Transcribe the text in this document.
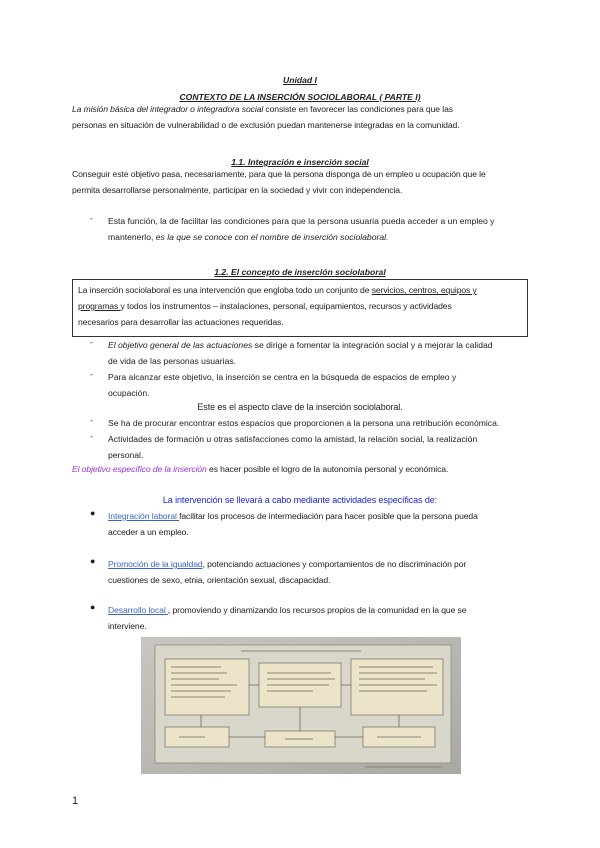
Unidad I
CONTEXTO DE LA INSERCIÓN SOCIOLABORAL ( PARTE I)
La misión básica del integrador o integradora social consiste en favorecer las condiciones para que las
personas en situación de vulnerabilidad o de exclusión puedan mantenerse integradas en la comunidad.
1.1. Integración e inserción social
Conseguir este objetivo pasa, necesariamente, para que la persona disponga de un empleo u ocupación que le
permita desarrollarse personalmente, participar en la sociedad y vivir con independencia.
- Esta función, la de facilitar las condiciones para que la persona usuaria pueda acceder a un empleo y
mantenerlo, es la que se conoce con el nombre de inserción sociolaboral.
1.2. El concepto de inserción sociolaboral
La inserción sociolaboral es una intervención que engloba todo un conjunto de servicios, centros, equipos y
programas y todos los instrumentos – instalaciones, personal, equipamientos, recursos y actividades
necesarios para desarrollar las actuaciones requeridas.
- El objetivo general de las actuaciones se dirige a fomentar la integración social y a mejorar la calidad
de vida de las personas usuarias.
- Para alcanzar este objetivo, la inserción se centra en la búsqueda de espacios de empleo y
ocupación.
Este es el aspecto clave de la inserción sociolaboral.
- Se ha de procurar encontrar estos espacios que proporcionen a la persona una retribución económica.
- Actividades de formación u otras satisfacciones como la amistad, la relación social, la realización
personal.
El objetivo específico de la inserción es hacer posible el logro de la autonomía personal y económica.
La intervención se llevará a cabo mediante actividades específicas de:
● Integración laboral facilitar los procesos de intermediación para hacer posible que la persona pueda
acceder a un empleo.
● Promoción de la igualdad, potenciando actuaciones y comportamientos de no discriminación por
cuestiones de sexo, etnia, orientación sexual, discapacidad.
● Desarrollo local , promoviendo y dinamizando los recursos propios de la comunidad en la que se
interviene.
1
